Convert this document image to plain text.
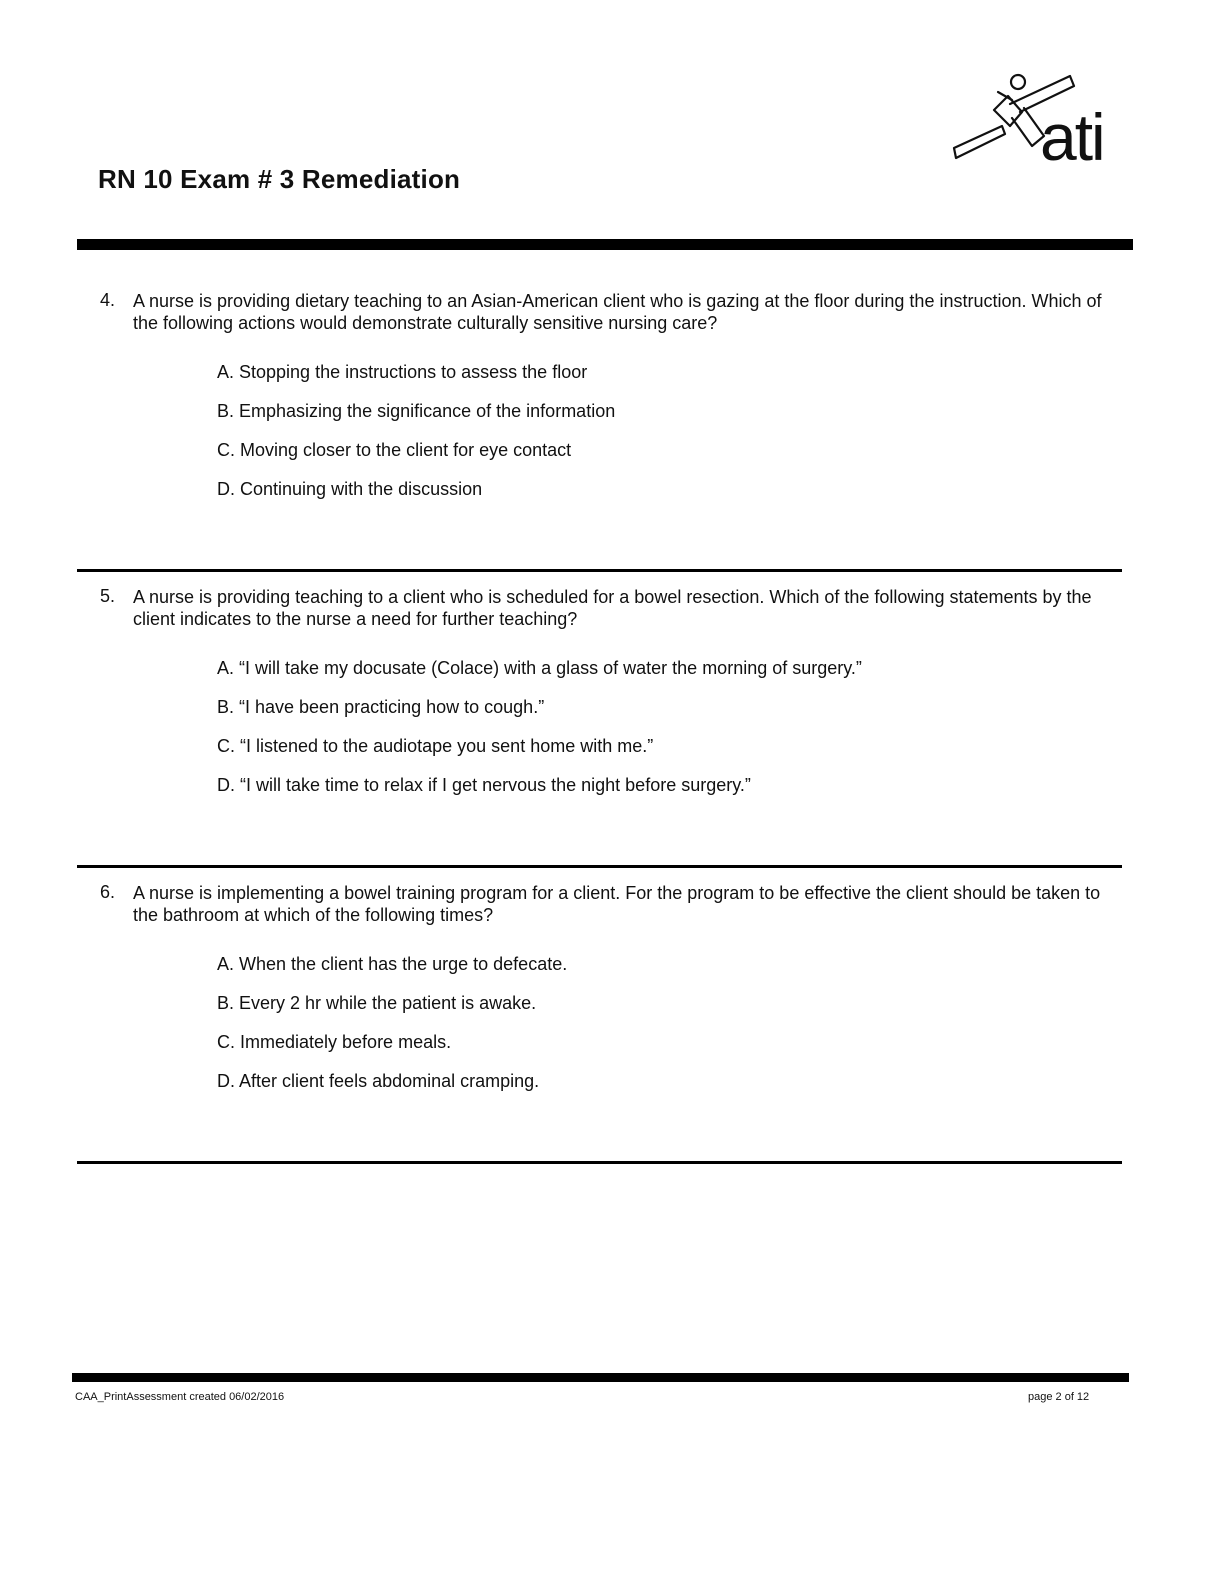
RN 10 Exam # 3 Remediation
ati
4. A nurse is providing dietary teaching to an Asian-American client who is gazing at the floor during the instruction. Which of the following actions would demonstrate culturally sensitive nursing care?
A. Stopping the instructions to assess the floor
B. Emphasizing the significance of the information
C. Moving closer to the client for eye contact
D. Continuing with the discussion
5. A nurse is providing teaching to a client who is scheduled for a bowel resection. Which of the following statements by the client indicates to the nurse a need for further teaching?
A. “I will take my docusate (Colace) with a glass of water the morning of surgery.”
B. “I have been practicing how to cough.”
C. “I listened to the audiotape you sent home with me.”
D. “I will take time to relax if I get nervous the night before surgery.”
6. A nurse is implementing a bowel training program for a client. For the program to be effective the client should be taken to the bathroom at which of the following times?
A. When the client has the urge to defecate.
B. Every 2 hr while the patient is awake.
C. Immediately before meals.
D. After client feels abdominal cramping.
CAA_PrintAssessment created 06/02/2016	page 2 of 12
